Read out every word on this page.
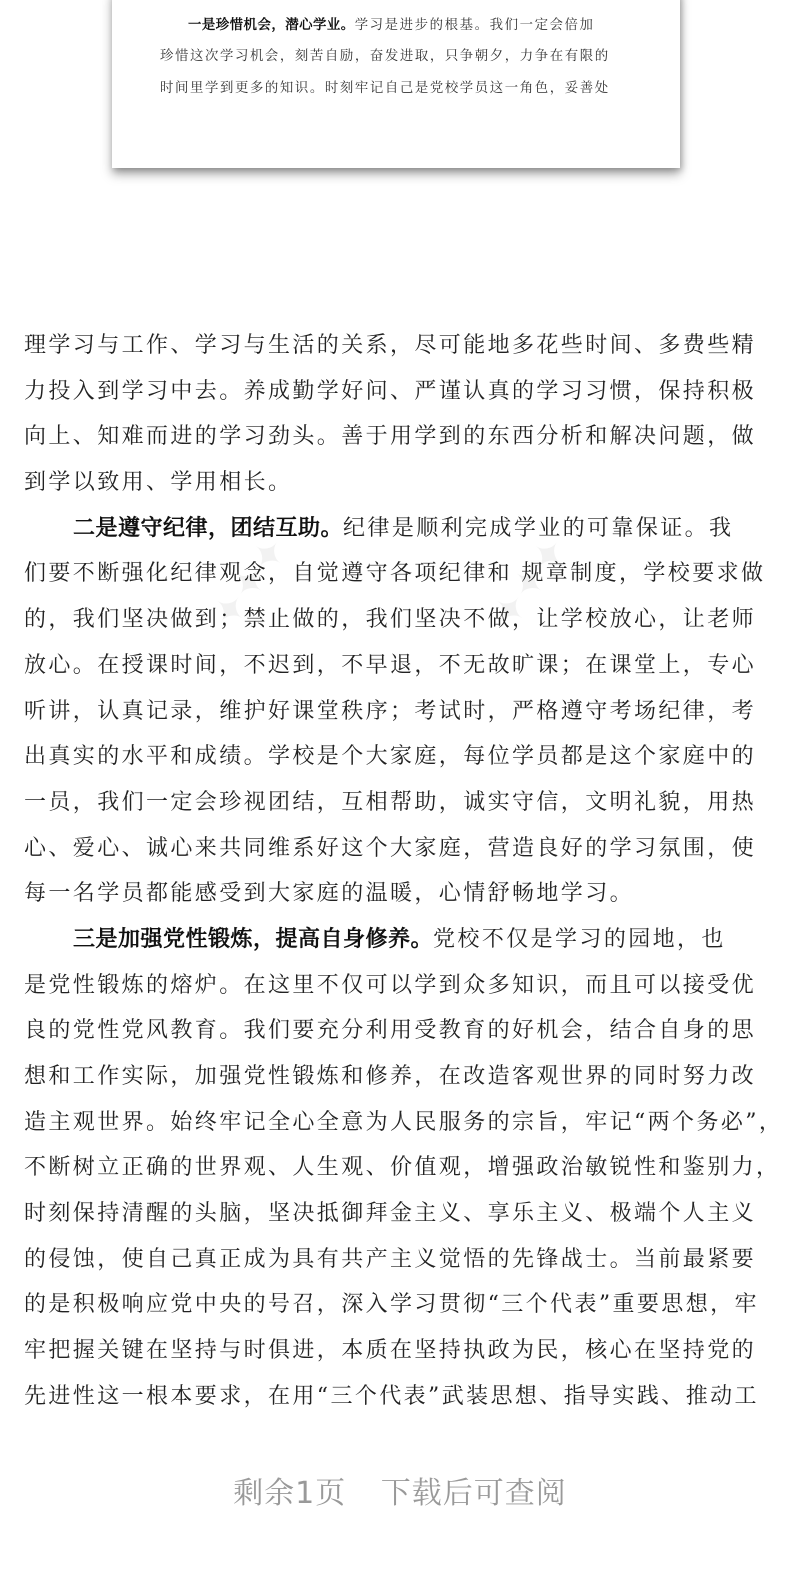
一是珍惜机会，潜心学业。学习是进步的根基。我们一定会倍加
珍惜这次学习机会，刻苦自励，奋发进取，只争朝夕，力争在有限的
时间里学到更多的知识。时刻牢记自己是党校学员这一角色，妥善处
✦✦✦	✦✦✦
理学习与工作、学习与生活的关系，尽可能地多花些时间、多费些精
力投入到学习中去。养成勤学好问、严谨认真的学习习惯，保持积极
向上、知难而进的学习劲头。善于用学到的东西分析和解决问题，做
到学以致用、学用相长。
二是遵守纪律，团结互助。纪律是顺利完成学业的可靠保证。我
们要不断强化纪律观念，自觉遵守各项纪律和 规章制度，学校要求做
的，我们坚决做到；禁止做的，我们坚决不做，让学校放心，让老师
放心。在授课时间，不迟到，不早退，不无故旷课；在课堂上，专心
听讲，认真记录，维护好课堂秩序；考试时，严格遵守考场纪律，考
出真实的水平和成绩。学校是个大家庭，每位学员都是这个家庭中的
一员，我们一定会珍视团结，互相帮助，诚实守信，文明礼貌，用热
心、爱心、诚心来共同维系好这个大家庭，营造良好的学习氛围，使
每一名学员都能感受到大家庭的温暖，心情舒畅地学习。
三是加强党性锻炼，提高自身修养。党校不仅是学习的园地，也
是党性锻炼的熔炉。在这里不仅可以学到众多知识，而且可以接受优
良的党性党风教育。我们要充分利用受教育的好机会，结合自身的思
想和工作实际，加强党性锻炼和修养，在改造客观世界的同时努力改
造主观世界。始终牢记全心全意为人民服务的宗旨，牢记“两个务必”，
不断树立正确的世界观、人生观、价值观，增强政治敏锐性和鉴别力，
时刻保持清醒的头脑，坚决抵御拜金主义、享乐主义、极端个人主义
的侵蚀，使自己真正成为具有共产主义觉悟的先锋战士。当前最紧要
的是积极响应党中央的号召，深入学习贯彻“三个代表”重要思想，牢
牢把握关键在坚持与时俱进，本质在坚持执政为民，核心在坚持党的
先进性这一根本要求，在用“三个代表”武装思想、指导实践、推动工
剩余1页 下载后可查阅
